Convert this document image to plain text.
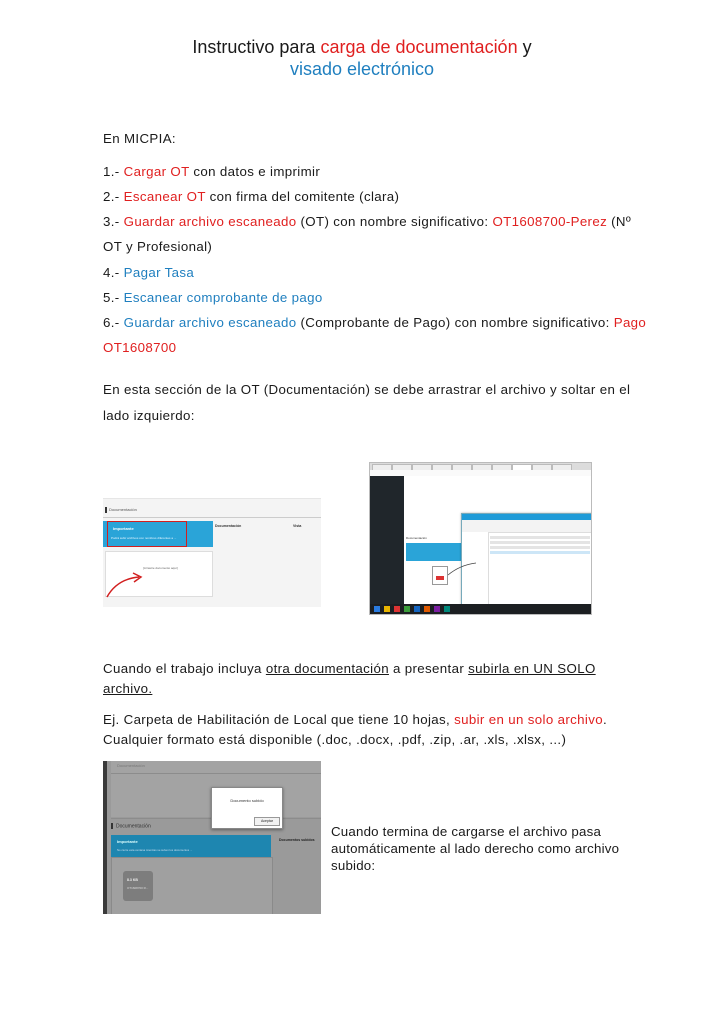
Instructivo para carga de documentación y
visado electrónico
En MICPIA:
1.- Cargar OT con datos e imprimir
2.- Escanear OT con firma del comitente (clara)
3.- Guardar archivo escaneado (OT) con nombre significativo: OT1608700-Perez (Nº
OT y Profesional)
4.- Pagar Tasa
5.- Escanear comprobante de pago
6.- Guardar archivo escaneado (Comprobante de Pago) con nombre significativo: Pago
OT1608700
En esta sección de la OT (Documentación) se debe arrastrar el archivo y soltar en el
lado izquierdo:
Documentación
Importante
Podrá subir archivos con nombres diferentes a ...
Documentación	Vista
[Arrastre documento aquí]
Documentación
Cuando el trabajo incluya otra documentación a presentar subirla en UN SOLO
archivo.
Ej. Carpeta de Habilitación de Local que tiene 10 hojas, subir en un solo archivo.
Cualquier formato está disponible (.doc, .docx, .pdf, .zip, .ar, .xls, .xlsx, ...)
Documentación
Documentación
Importante
No cierre esta ventana mientras se suben los documentos ...
Documentos subidos
8.3 KB
OT1608700 R...
Documento subido
Aceptar
Cuando termina de cargarse el archivo pasa
automáticamente al lado derecho como archivo
subido:
